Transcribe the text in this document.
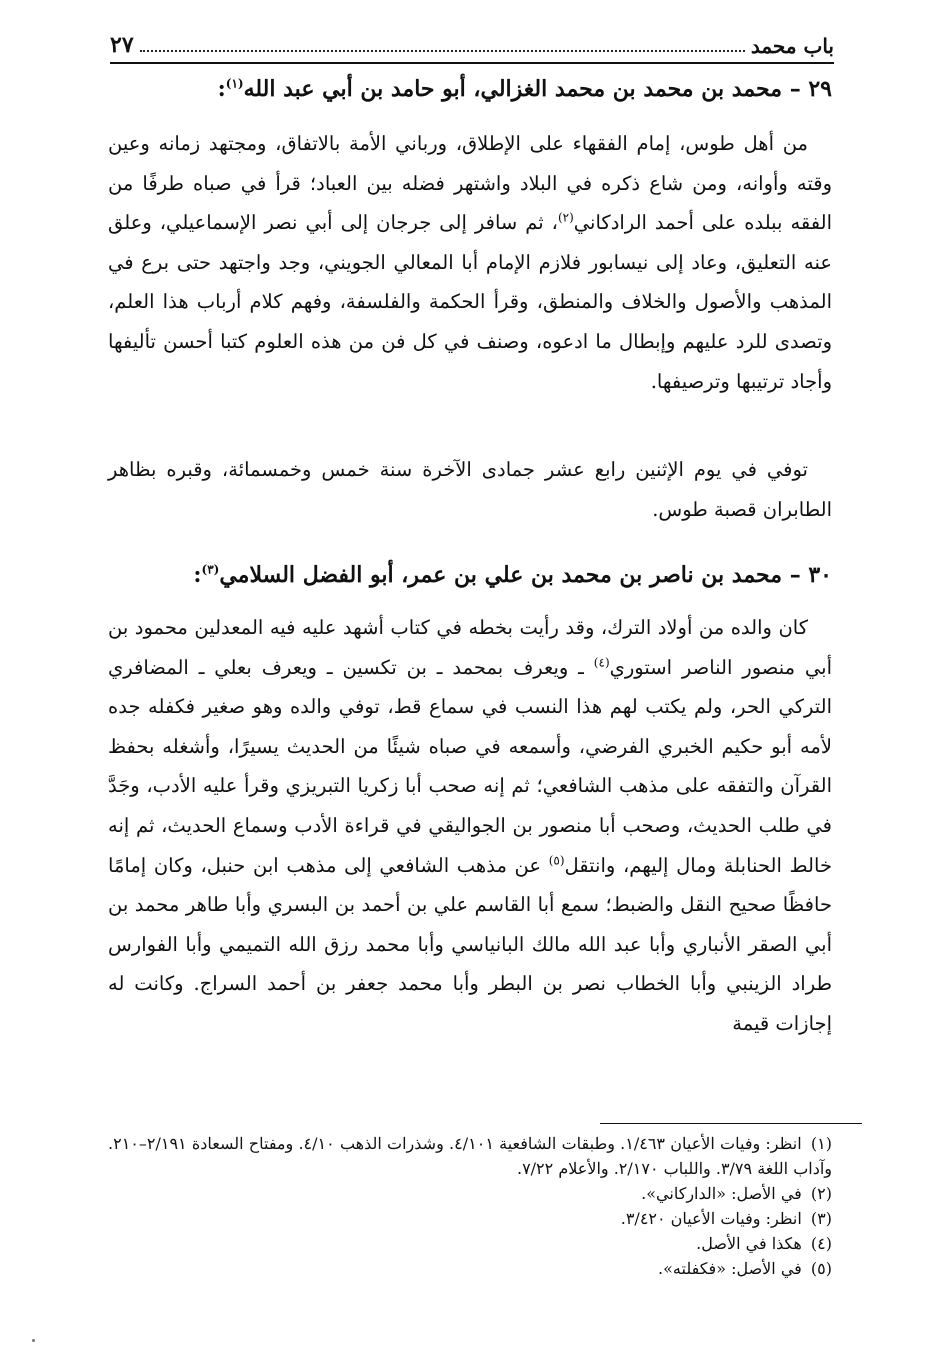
باب محمد
٢٧
٢٩ – محمد بن محمد بن محمد الغزالي، أبو حامد بن أبي عبد الله$^{(١)}$:

من أهل طوس، إمام الفقهاء على الإطلاق، ورباني الأمة بالاتفاق، ومجتهد زمانه وعين وقته وأوانه، ومن شاع ذكره في البلاد واشتهر فضله بين العباد؛ قرأ في صباه طرفًا من الفقه ببلده على أحمد الرادكاني$^{(٢)}$، ثم سافر إلى جرجان إلى أبي نصر الإسماعيلي، وعلق عنه التعليق، وعاد إلى نيسابور فلازم الإمام أبا المعالي الجويني، وجد واجتهد حتى برع في المذهب والأصول والخلاف والمنطق، وقرأ الحكمة والفلسفة، وفهم كلام أرباب هذا العلم، وتصدى للرد عليهم وإبطال ما ادعوه، وصنف في كل فن من هذه العلوم كتبا أحسن تأليفها وأجاد ترتيبها وترصيفها.

توفي في يوم الإثنين رابع عشر جمادى الآخرة سنة خمس وخمسمائة، وقبره بظاهر الطابران قصبة طوس.

٣٠ – محمد بن ناصر بن محمد بن علي بن عمر، أبو الفضل السلامي$^{(٣)}$:

كان والده من أولاد الترك، وقد رأيت بخطه في كتاب أشهد عليه فيه المعدلين محمود بن أبي منصور الناصر استوري$^{(٤)}$ ـ ويعرف بمحمد ـ بن تكسين ـ ويعرف بعلي ـ المضافري التركي الحر، ولم يكتب لهم هذا النسب في سماع قط، توفي والده وهو صغير فكفله جده لأمه أبو حكيم الخبري الفرضي، وأسمعه في صباه شيئًا من الحديث يسيرًا، وأشغله بحفظ القرآن والتفقه على مذهب الشافعي؛ ثم إنه صحب أبا زكريا التبريزي وقرأ عليه الأدب، وجَدَّ في طلب الحديث، وصحب أبا منصور بن الجواليقي في قراءة الأدب وسماع الحديث، ثم إنه خالط الحنابلة ومال إليهم، وانتقل$^{(٥)}$ عن مذهب الشافعي إلى مذهب ابن حنبل، وكان إمامًا حافظًا صحيح النقل والضبط؛ سمع أبا القاسم علي بن أحمد بن البسري وأبا طاهر محمد بن أبي الصقر الأنباري وأبا عبد الله مالك البانياسي وأبا محمد رزق الله التميمي وأبا الفوارس طراد الزينبي وأبا الخطاب نصر بن البطر وأبا محمد جعفر بن أحمد السراج. وكانت له إجازات قيمة

(١) انظر: وفيات الأعيان ١/٤٦٣. وطبقات الشافعية ٤/١٠١. وشذرات الذهب ٤/١٠. ومفتاح السعادة ٢/١٩١–٢١٠. وآداب اللغة ٣/٧٩. واللباب ٢/١٧٠. والأعلام ٧/٢٢.
(٢) في الأصل: «الداركاني».
(٣) انظر: وفيات الأعيان ٣/٤٢٠.
(٤) هكذا في الأصل.
(٥) في الأصل: «فكفلته».
